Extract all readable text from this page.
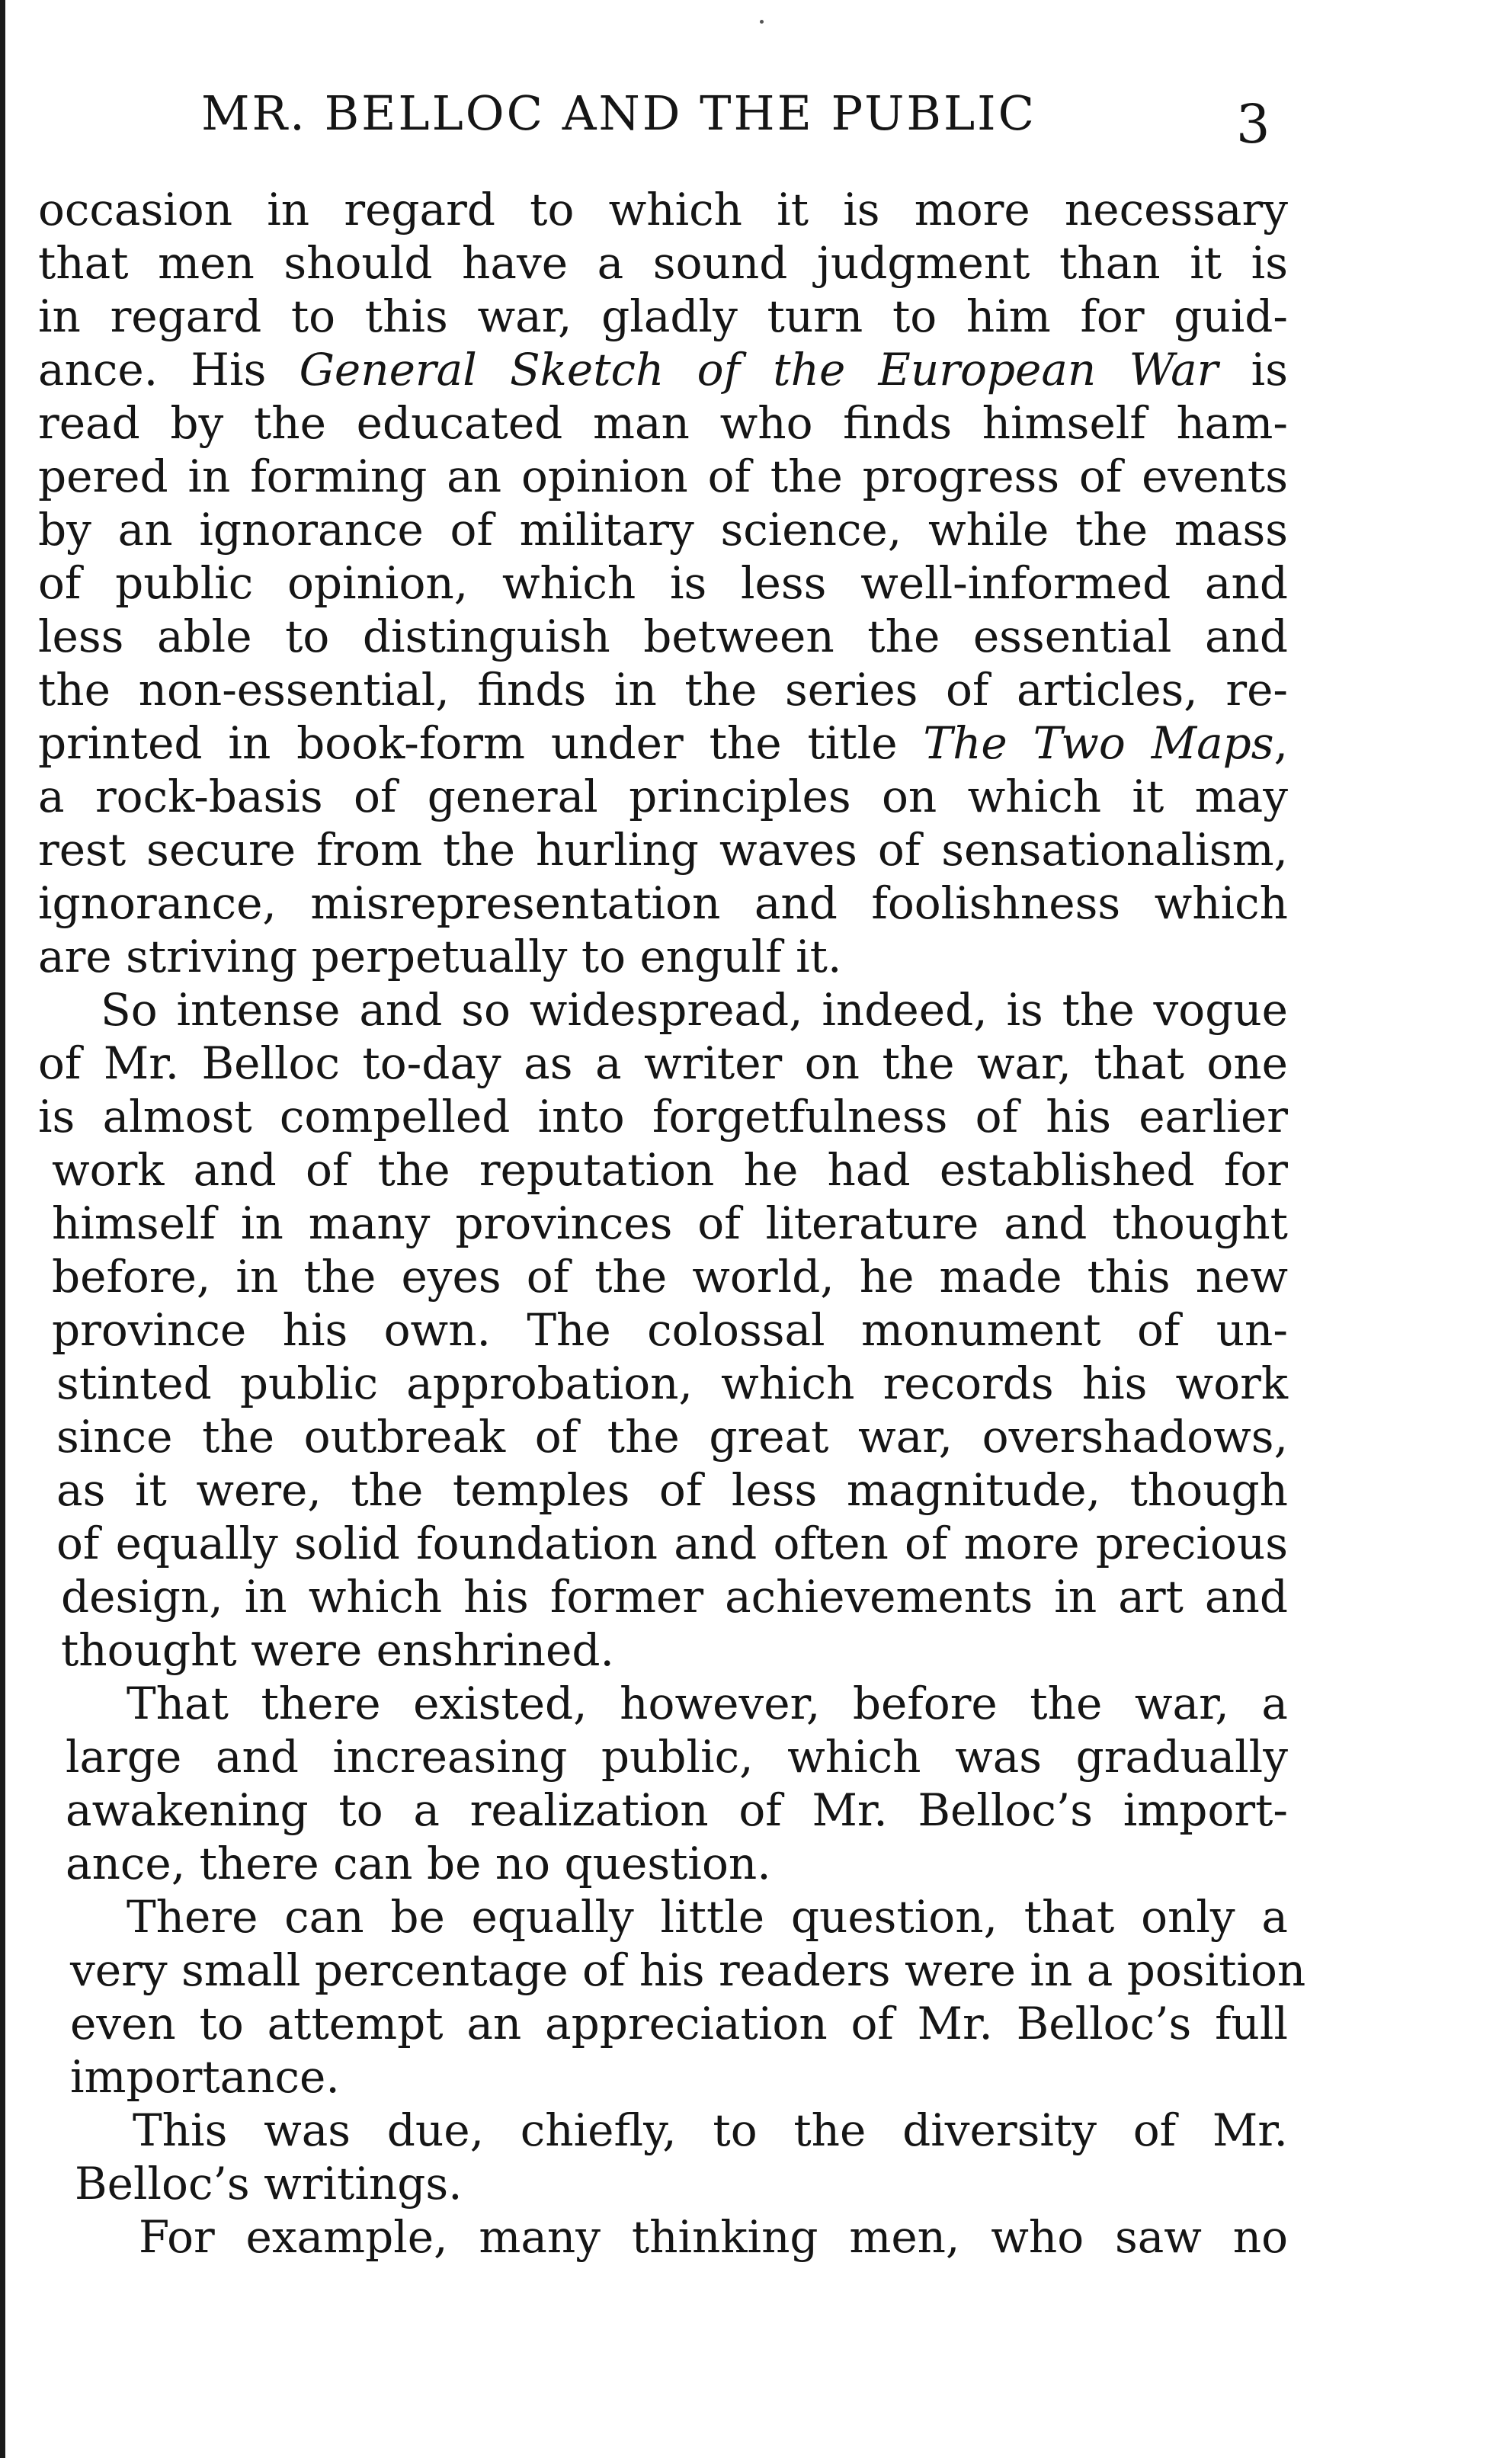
MR. BELLOC AND THE PUBLIC	3
occasion in regard to which it is more necessary
that men should have a sound judgment than it is
in regard to this war, gladly turn to him for guid-
ance. His General Sketch of the European War is
read by the educated man who finds himself ham-
pered in forming an opinion of the progress of events
by an ignorance of military science, while the mass
of public opinion, which is less well-informed and
less able to distinguish between the essential and
the non-essential, finds in the series of articles, re-
printed in book-form under the title The Two Maps,
a rock-basis of general principles on which it may
rest secure from the hurling waves of sensationalism,
ignorance, misrepresentation and foolishness which
are striving perpetually to engulf it.
So intense and so widespread, indeed, is the vogue
of Mr. Belloc to-day as a writer on the war, that one
is almost compelled into forgetfulness of his earlier
work and of the reputation he had established for
himself in many provinces of literature and thought
before, in the eyes of the world, he made this new
province his own. The colossal monument of un-
stinted public approbation, which records his work
since the outbreak of the great war, overshadows,
as it were, the temples of less magnitude, though
of equally solid foundation and often of more precious
design, in which his former achievements in art and
thought were enshrined.
That there existed, however, before the war, a
large and increasing public, which was gradually
awakening to a realization of Mr. Belloc’s import-
ance, there can be no question.
There can be equally little question, that only a
very small percentage of his readers were in a position
even to attempt an appreciation of Mr. Belloc’s full
importance.
This was due, chiefly, to the diversity of Mr.
Belloc’s writings.
For example, many thinking men, who saw no
